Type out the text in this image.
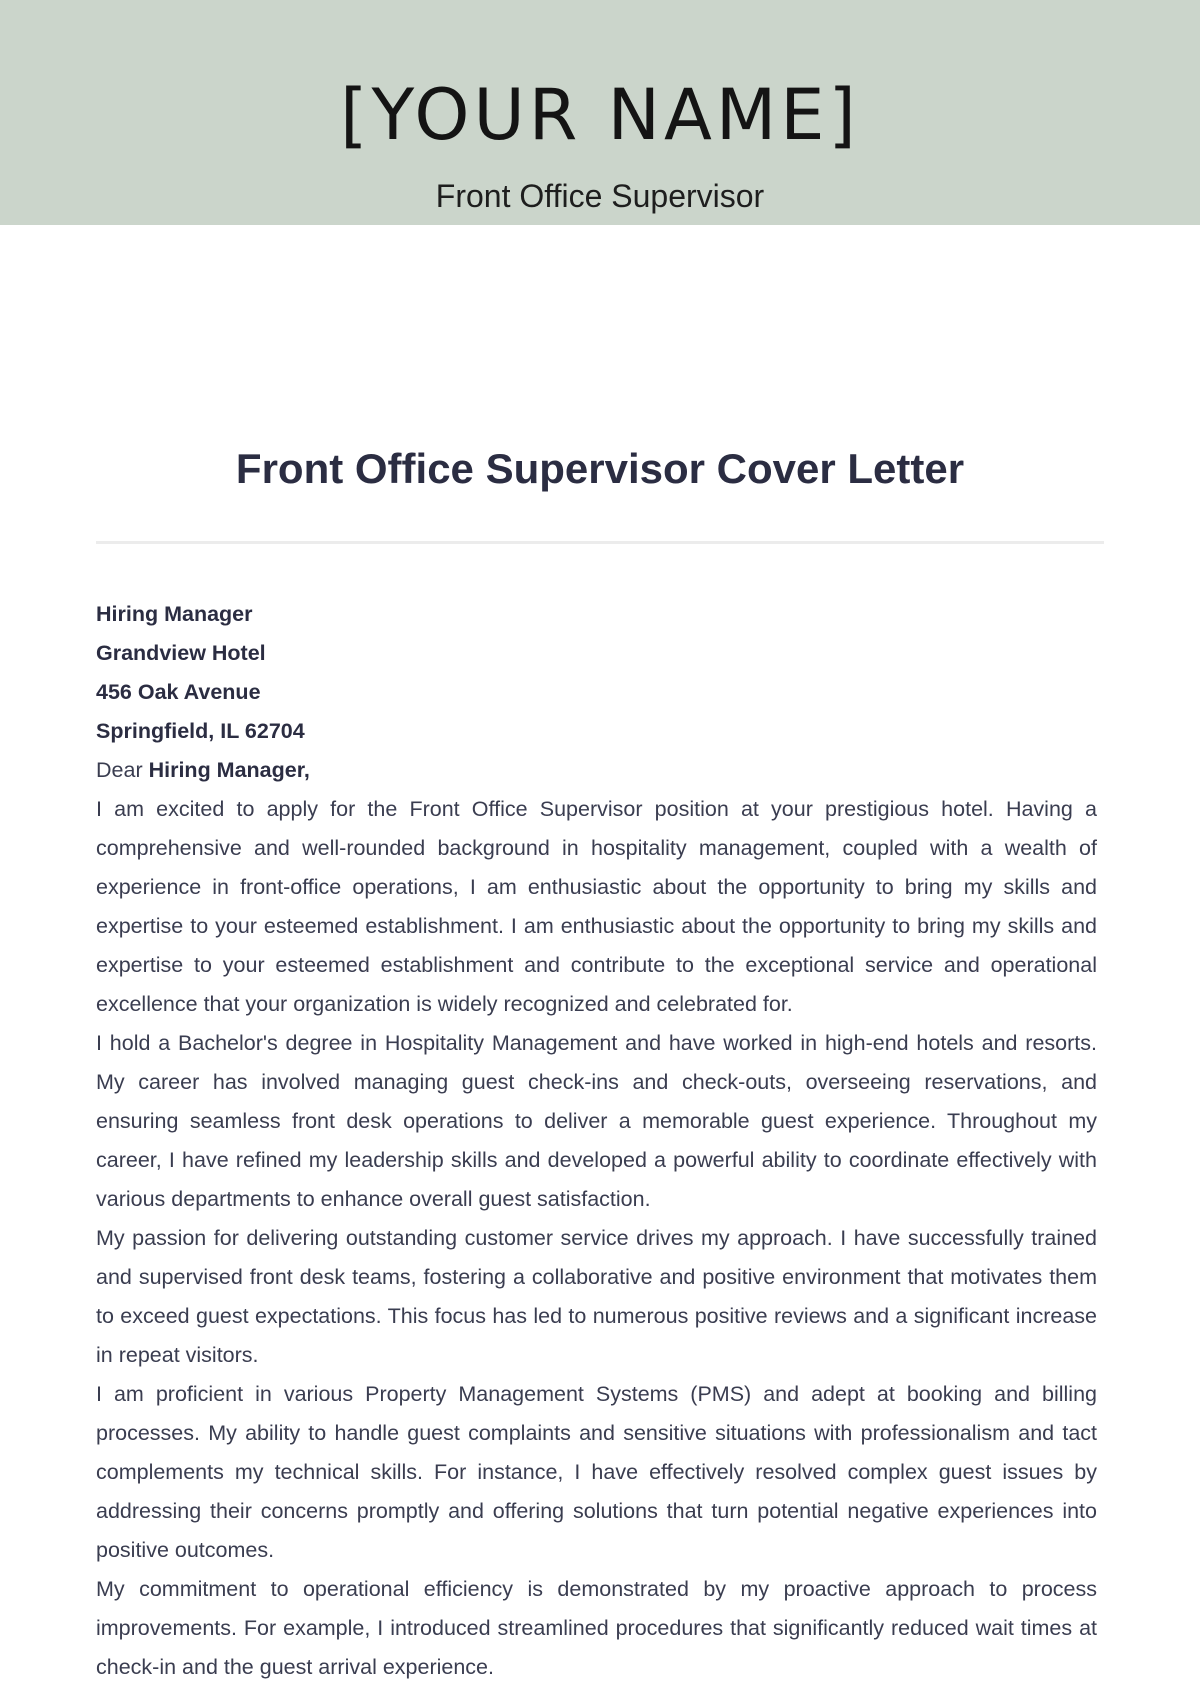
[YOUR NAME]
Front Office Supervisor
Front Office Supervisor Cover Letter
Hiring Manager
Grandview Hotel
456 Oak Avenue
Springfield, IL 62704
Dear Hiring Manager,

I am excited to apply for the Front Office Supervisor position at your prestigious hotel. Having a comprehensive and well-rounded background in hospitality management, coupled with a wealth of experience in front-office operations, I am enthusiastic about the opportunity to bring my skills and expertise to your esteemed establishment. I am enthusiastic about the opportunity to bring my skills and expertise to your esteemed establishment and contribute to the exceptional service and operational excellence that your organization is widely recognized and celebrated for.

I hold a Bachelor's degree in Hospitality Management and have worked in high-end hotels and resorts. My career has involved managing guest check-ins and check-outs, overseeing reservations, and ensuring seamless front desk operations to deliver a memorable guest experience. Throughout my career, I have refined my leadership skills and developed a powerful ability to coordinate effectively with various departments to enhance overall guest satisfaction.

My passion for delivering outstanding customer service drives my approach. I have successfully trained and supervised front desk teams, fostering a collaborative and positive environment that motivates them to exceed guest expectations. This focus has led to numerous positive reviews and a significant increase in repeat visitors.

I am proficient in various Property Management Systems (PMS) and adept at booking and billing processes. My ability to handle guest complaints and sensitive situations with professionalism and tact complements my technical skills. For instance, I have effectively resolved complex guest issues by addressing their concerns promptly and offering solutions that turn potential negative experiences into positive outcomes.

My commitment to operational efficiency is demonstrated by my proactive approach to process improvements. For example, I introduced streamlined procedures that significantly reduced wait times at check-in and the guest arrival experience.
